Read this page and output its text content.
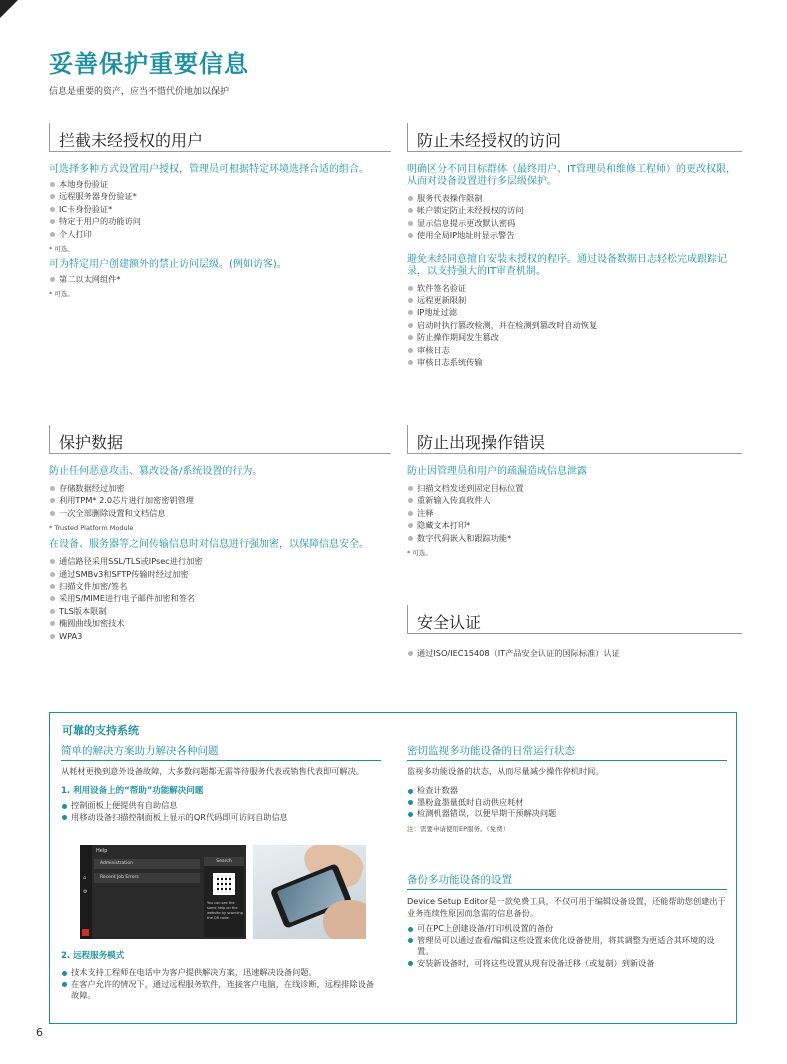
妥善保护重要信息
信息是重要的资产，应当不惜代价地加以保护
拦截未经授权的用户
可选择多种方式设置用户授权，管理员可根据特定环境选择合适的组合。
本地身份验证
远程服务器身份验证*
IC卡身份验证*
特定于用户的功能访问
个人打印
* 可选。
可为特定用户创建额外的禁止访问层级。(例如访客)。
第二以太网组件*
* 可选。
防止未经授权的访问
明确区分不同目标群体（最终用户、IT管理员和维修工程师）的更改权限，从而对设备设置进行多层级保护。
服务代表操作限制
帐户锁定防止未经授权的访问
显示信息提示更改默认密码
使用全局IP地址时显示警告
避免未经同意擅自安装未授权的程序。通过设备数据日志轻松完成跟踪记录，以支持强大的IT审查机制。
软件签名验证
远程更新限制
IP地址过滤
启动时执行篡改检测，并在检测到篡改时自动恢复
防止操作期间发生篡改
审核日志
审核日志系统传输
保护数据
防止任何恶意攻击、篡改设备/系统设置的行为。
存储数据经过加密
利用TPM* 2.0芯片进行加密密钥管理
一次全部删除设置和文档信息
* Trusted Platform Module
在设备、服务器等之间传输信息时对信息进行强加密，以保障信息安全。
通信路径采用SSL/TLS或IPsec进行加密
通过SMBv3和SFTP传输时经过加密
扫描文件加密/签名
采用S/MIME进行电子邮件加密和签名
TLS版本限制
椭圆曲线加密技术
WPA3
防止出现操作错误
防止因管理员和用户的疏漏造成信息泄露
扫描文档发送到固定目标位置
重新输入传真收件人
注释
隐藏文本打印*
数字代码嵌入和跟踪功能*
* 可选。
安全认证
通过ISO/IEC15408（IT产品安全认证的国际标准）认证
可靠的支持系统
简单的解决方案助力解决各种问题
从耗材更换到意外设备故障，大多数问题都无需等待服务代表或销售代表即可解决。
1. 利用设备上的“帮助”功能解决问题
控制面板上便提供有自助信息
用移动设备扫描控制面板上显示的QR代码即可访问自助信息
2. 远程服务模式
技术支持工程师在电话中为客户提供解决方案，迅速解决设备问题。
在客户允许的情况下，通过远程服务软件，连接客户电脑，在线诊断，远程排除设备故障。
密切监视多功能设备的日常运行状态
监视多功能设备的状态，从而尽量减少操作停机时间。
检查计数器
墨粉盒墨量低时自动供应耗材
检测机器错误，以便早期干预解决问题
注：需要申请使用EP服务。（免费）
备份多功能设备的设置
Device Setup Editor是一款免费工具，不仅可用于编辑设备设置，还能帮助您创建出于业务连续性原因而急需的信息备份。
可在PC上创建设备/打印机设置的备份
管理员可以通过查看/编辑这些设置来优化设备使用，将其调整为更适合其环境的设置。
安装新设备时，可将这些设置从现有设备迁移（或复制）到新设备
⌂
⚙
Help
Administration
Recent Job Errors
Search
You can see the same help on the website by scanning the QR code.
6
